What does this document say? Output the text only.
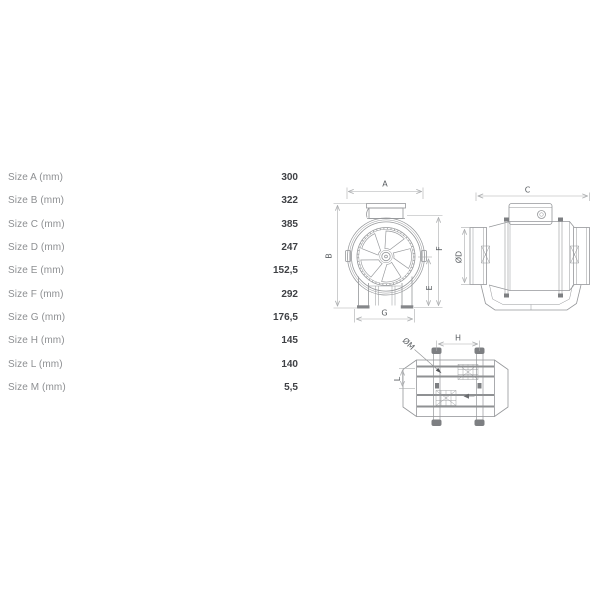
Size A (mm)	300
Size B (mm)	322
Size C (mm)	385
Size D (mm)	247
Size E (mm)	152,5
Size F (mm)	292
Size G (mm)	176,5
Size H (mm)	145
Size L (mm)	140
Size M (mm)	5,5
A
B
F
E
G
C
ØD
H
L
ØM
